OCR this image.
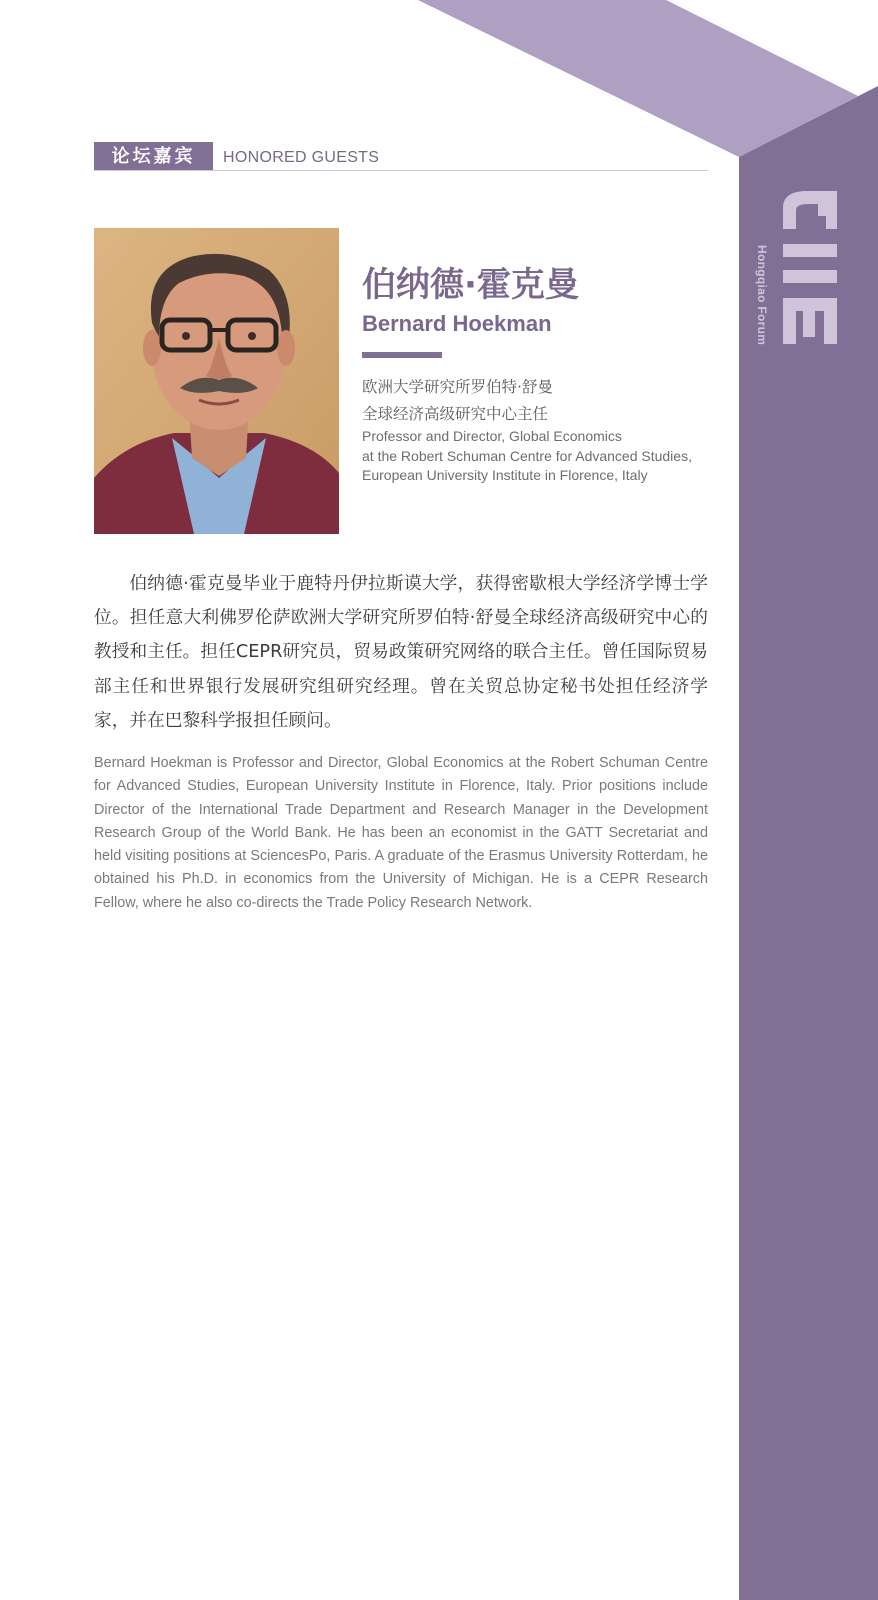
论坛嘉宾	HONORED GUESTS
伯纳德·霍克曼
Bernard Hoekman
欧洲大学研究所罗伯特·舒曼
全球经济高级研究中心主任
Professor and Director, Global Economics
at the Robert Schuman Centre for Advanced Studies,
European University Institute in Florence, Italy

伯纳德·霍克曼毕业于鹿特丹伊拉斯谟大学，获得密歇根大学经济学博士学位。担任意大利佛罗伦萨欧洲大学研究所罗伯特·舒曼全球经济高级研究中心的教授和主任。担任CEPR研究员，贸易政策研究网络的联合主任。曾任国际贸易部主任和世界银行发展研究组研究经理。曾在关贸总协定秘书处担任经济学家，并在巴黎科学报担任顾问。

Bernard Hoekman is Professor and Director, Global Economics at the Robert Schuman Centre for Advanced Studies, European University Institute in Florence, Italy. Prior positions include Director of the International Trade Department and Research Manager in the Development Research Group of the World Bank. He has been an economist in the GATT Secretariat and held visiting positions at SciencesPo, Paris. A graduate of the Erasmus University Rotterdam, he obtained his Ph.D. in economics from the University of Michigan. He is a CEPR Research Fellow, where he also co-directs the Trade Policy Research Network.

Hongqiao Forum
